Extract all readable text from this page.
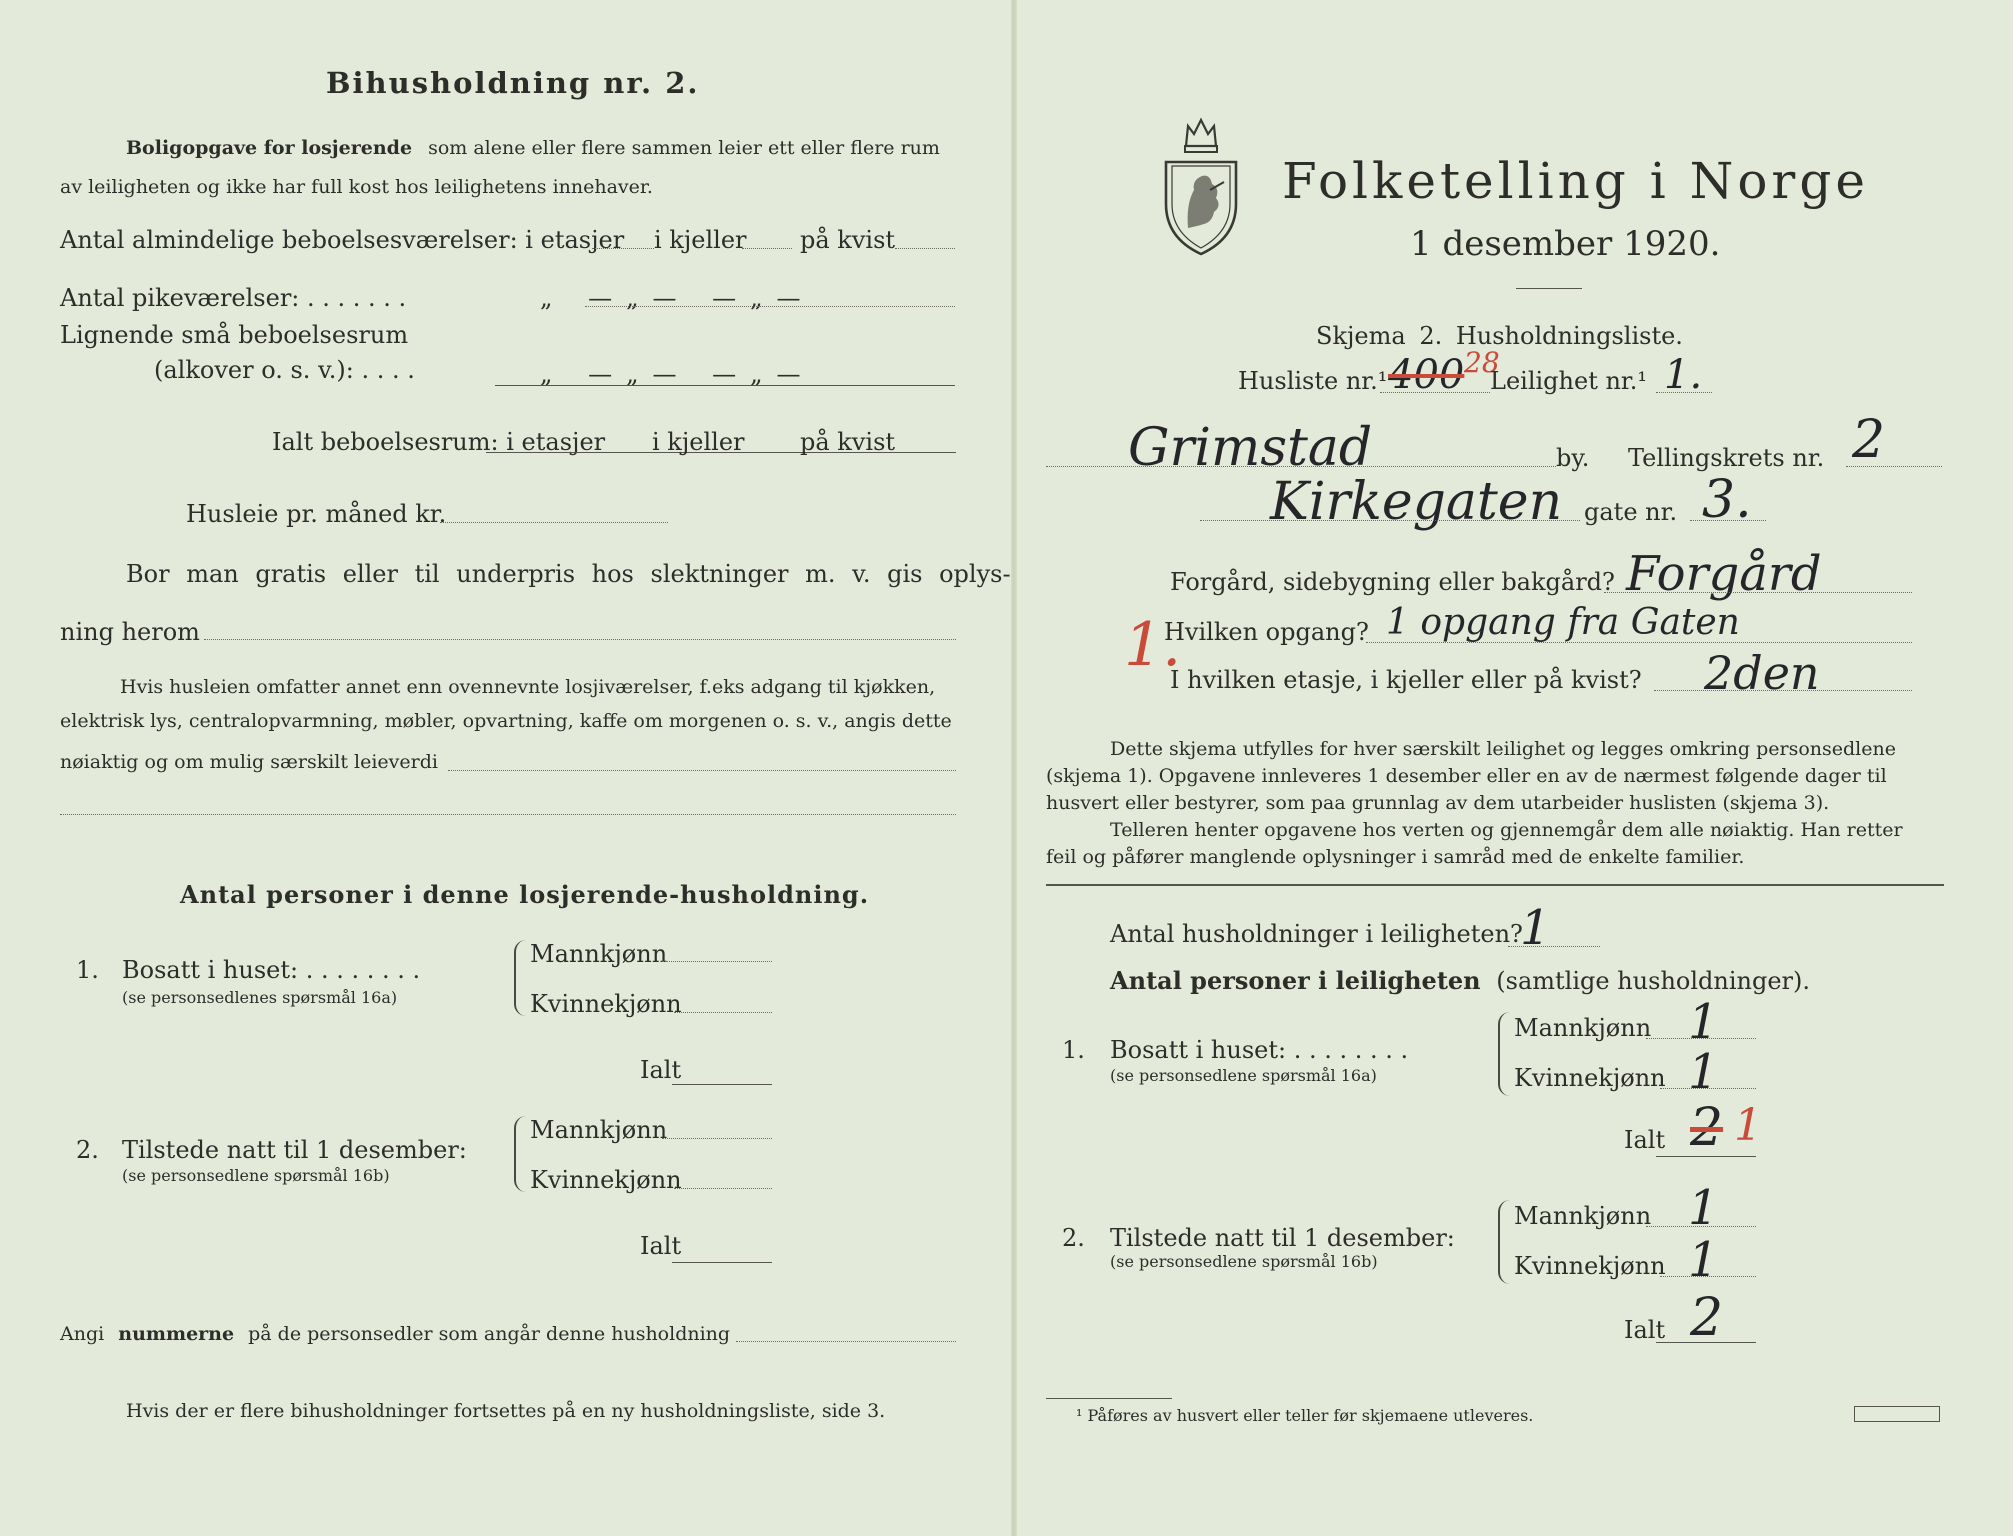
Bihusholdning nr. 2.
Boligopgave for losjerende som alene eller flere sammen leier ett eller flere rum
av leiligheten og ikke har full kost hos leilighetens innehaver.
Antal almindelige beboelsesværelser: i etasjer i kjeller på kvist
Antal pikeværelser: . . . . . . .	„ —„— —„—
Lignende små beboelsesrum
(alkover o. s. v.): . . . .	„ —„— —„—
Ialt beboelsesrum: i etasjer i kjeller på kvist
Husleie pr. måned kr.
Bor man gratis eller til underpris hos slektninger m. v. gis oplys-
ning herom
Hvis husleien omfatter annet enn ovennevnte losjiværelser, f.eks adgang til kjøkken,
elektrisk lys, centralopvarmning, møbler, opvartning, kaffe om morgenen o. s. v., angis dette
nøiaktig og om mulig særskilt leieverdi
Antal personer i denne losjerende-husholdning.
1. Bosatt i huset: . . . . . . . .
(se personsedlenes spørsmål 16a)
Mannkjønn
Kvinnekjønn
Ialt
2. Tilstede natt til 1 desember:
(se personsedlene spørsmål 16b)
Mannkjønn
Kvinnekjønn
Ialt
Angi nummerne på de personsedler som angår denne husholdning
Hvis der er flere bihusholdninger fortsettes på en ny husholdningsliste, side 3.
Folketelling i Norge
1 desember 1920.
Skjema 2. Husholdningsliste.
Husliste nr.¹ 400 28
Leilighet nr.¹ 1.
Grimstad	by. Tellingskrets nr. 2
Kirkegaten gate nr. 3.
1.
Forgård, sidebygning eller bakgård? Forgård
Hvilken opgang? 1 opgang fra Gaten
I hvilken etasje, i kjeller eller på kvist? 2den
Dette skjema utfylles for hver særskilt leilighet og legges omkring personsedlene
(skjema 1). Opgavene innleveres 1 desember eller en av de nærmest følgende dager til
husvert eller bestyrer, som paa grunnlag av dem utarbeider huslisten (skjema 3).
Telleren henter opgavene hos verten og gjennemgår dem alle nøiaktig. Han retter
feil og påfører manglende oplysninger i samråd med de enkelte familier.
Antal husholdninger i leiligheten?
1
Antal personer i leiligheten (samtlige husholdninger).
1. Bosatt i huset: . . . . . . . .
(se personsedlene spørsmål 16a)
Mannkjønn 1
Kvinnekjønn 1
Ialt 2 1
2. Tilstede natt til 1 desember:
(se personsedlene spørsmål 16b)
Mannkjønn 1
Kvinnekjønn 1
Ialt 2
¹ Påføres av husvert eller teller før skjemaene utleveres.
